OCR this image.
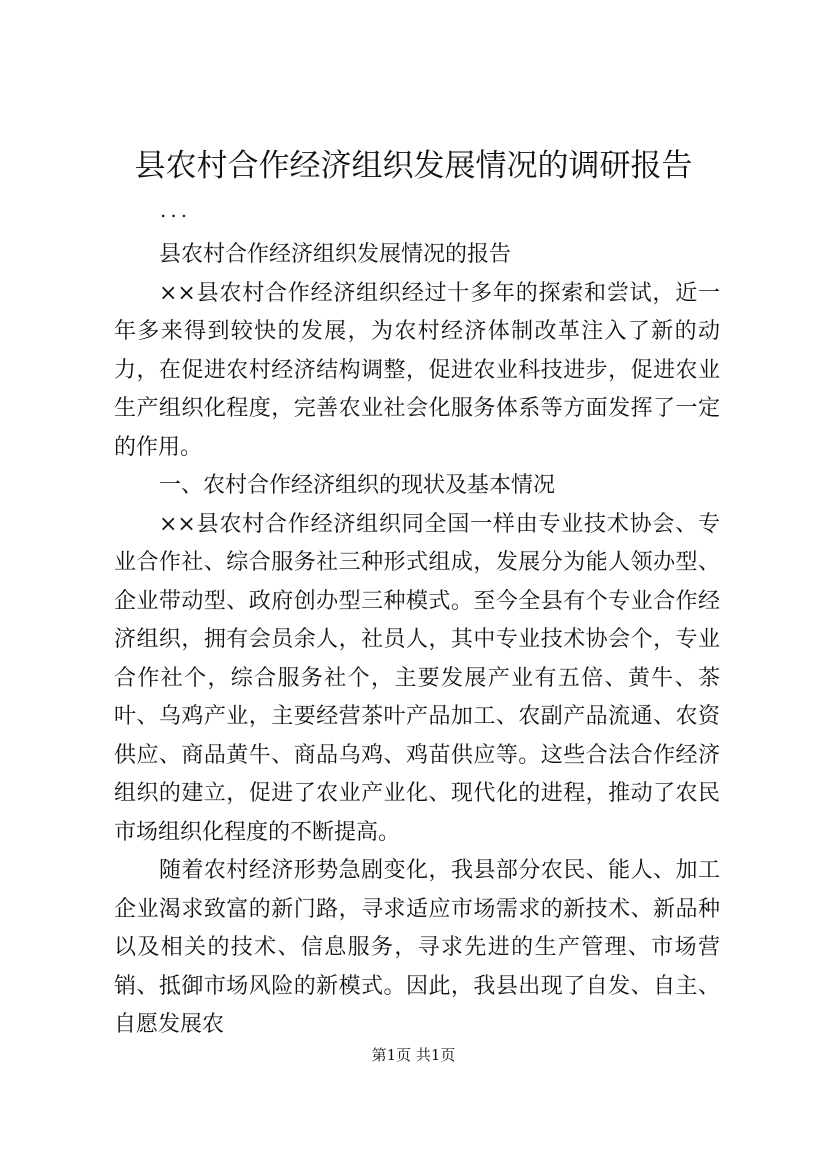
县农村合作经济组织发展情况的调研报告
...

县农村合作经济组织发展情况的报告

××县农村合作经济组织经过十多年的探索和尝试，近一年多来得到较快的发展，为农村经济体制改革注入了新的动力，在促进农村经济结构调整，促进农业科技进步，促进农业生产组织化程度，完善农业社会化服务体系等方面发挥了一定的作用。

一、农村合作经济组织的现状及基本情况

××县农村合作经济组织同全国一样由专业技术协会、专业合作社、综合服务社三种形式组成，发展分为能人领办型、企业带动型、政府创办型三种模式。至今全县有个专业合作经济组织，拥有会员余人，社员人，其中专业技术协会个，专业合作社个，综合服务社个，主要发展产业有五倍、黄牛、茶叶、乌鸡产业，主要经营茶叶产品加工、农副产品流通、农资供应、商品黄牛、商品乌鸡、鸡苗供应等。这些合法合作经济组织的建立，促进了农业产业化、现代化的进程，推动了农民市场组织化程度的不断提高。

随着农村经济形势急剧变化，我县部分农民、能人、加工企业渴求致富的新门路，寻求适应市场需求的新技术、新品种以及相关的技术、信息服务，寻求先进的生产管理、市场营销、抵御市场风险的新模式。因此，我县出现了自发、自主、自愿发展农

第1页 共1页
